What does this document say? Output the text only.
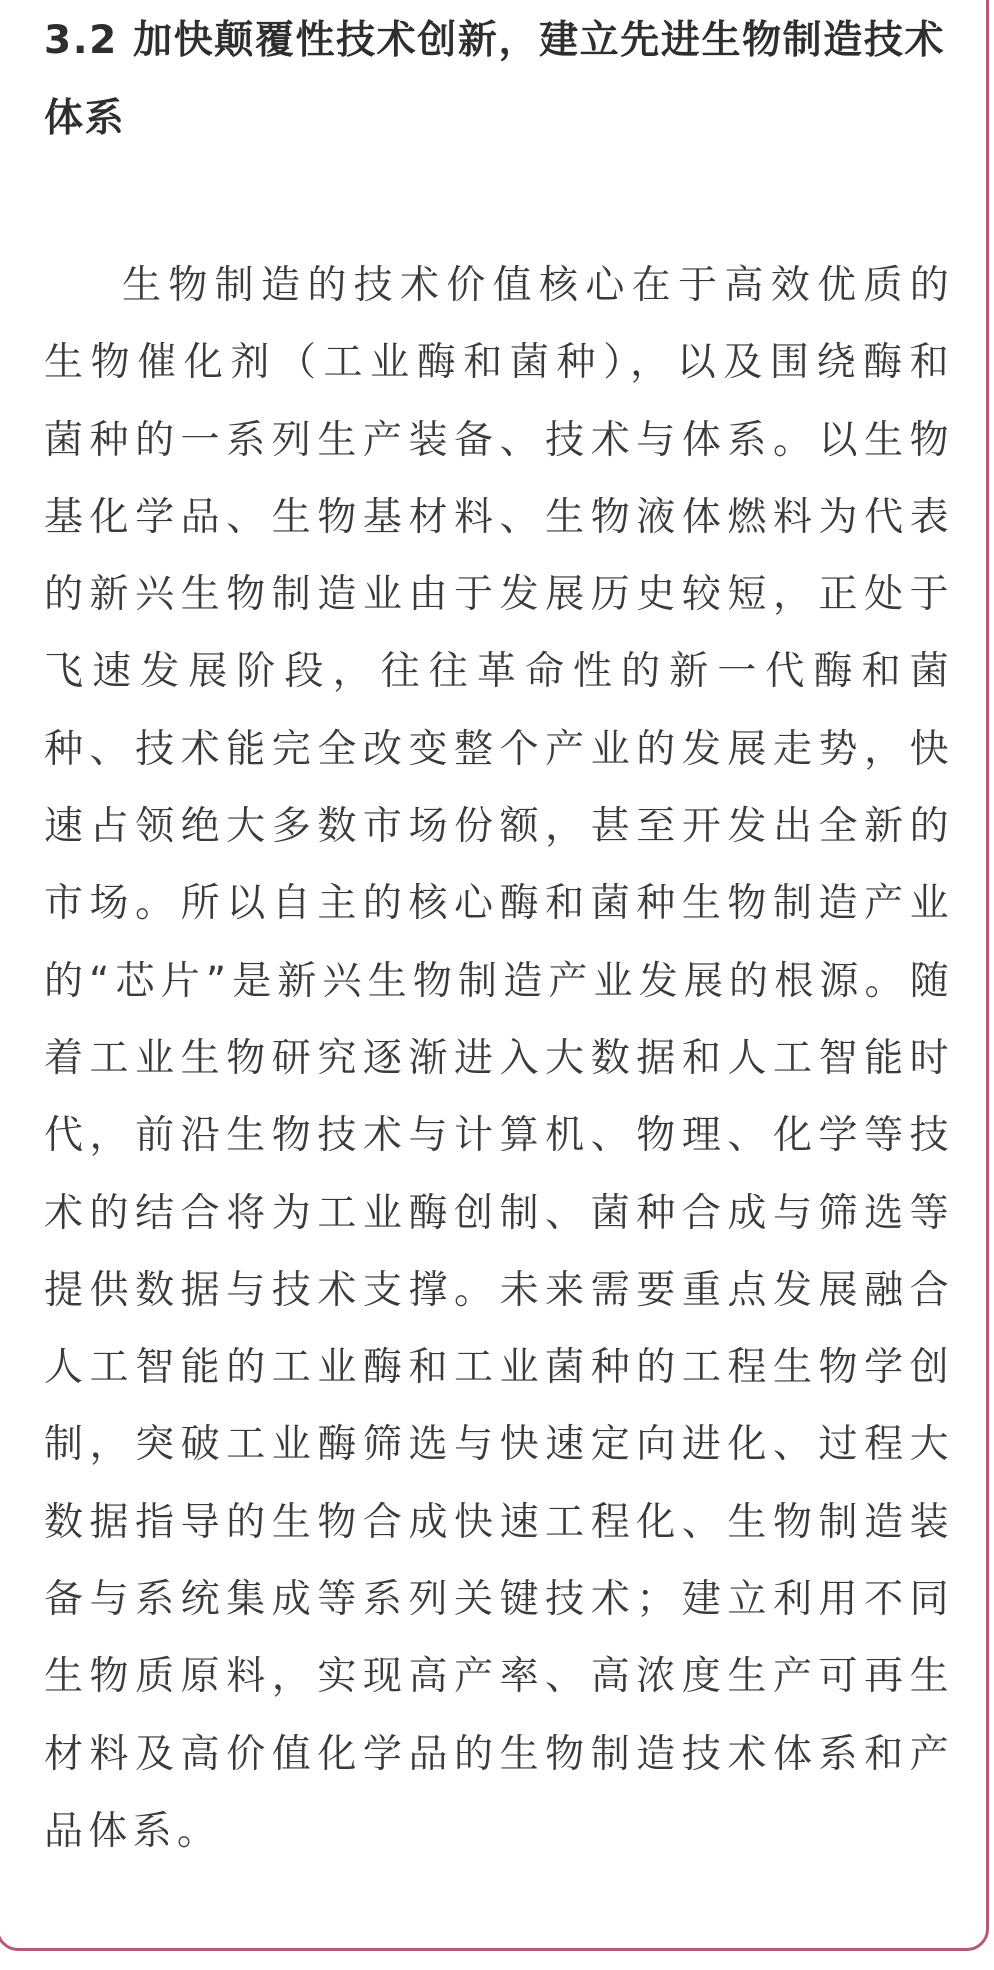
3.2 加快颠覆性技术创新，建立先进生物制造技术体系

生物制造的技术价值核心在于高效优质的生物催化剂（工业酶和菌种），以及围绕酶和菌种的一系列生产装备、技术与体系。以生物基化学品、生物基材料、生物液体燃料为代表的新兴生物制造业由于发展历史较短，正处于飞速发展阶段，往往革命性的新一代酶和菌种、技术能完全改变整个产业的发展走势，快速占领绝大多数市场份额，甚至开发出全新的市场。所以自主的核心酶和菌种生物制造产业的“芯片”是新兴生物制造产业发展的根源。随着工业生物研究逐渐进入大数据和人工智能时代，前沿生物技术与计算机、物理、化学等技术的结合将为工业酶创制、菌种合成与筛选等提供数据与技术支撑。未来需要重点发展融合人工智能的工业酶和工业菌种的工程生物学创制，突破工业酶筛选与快速定向进化、过程大数据指导的生物合成快速工程化、生物制造装备与系统集成等系列关键技术；建立利用不同生物质原料，实现高产率、高浓度生产可再生材料及高价值化学品的生物制造技术体系和产品体系。
